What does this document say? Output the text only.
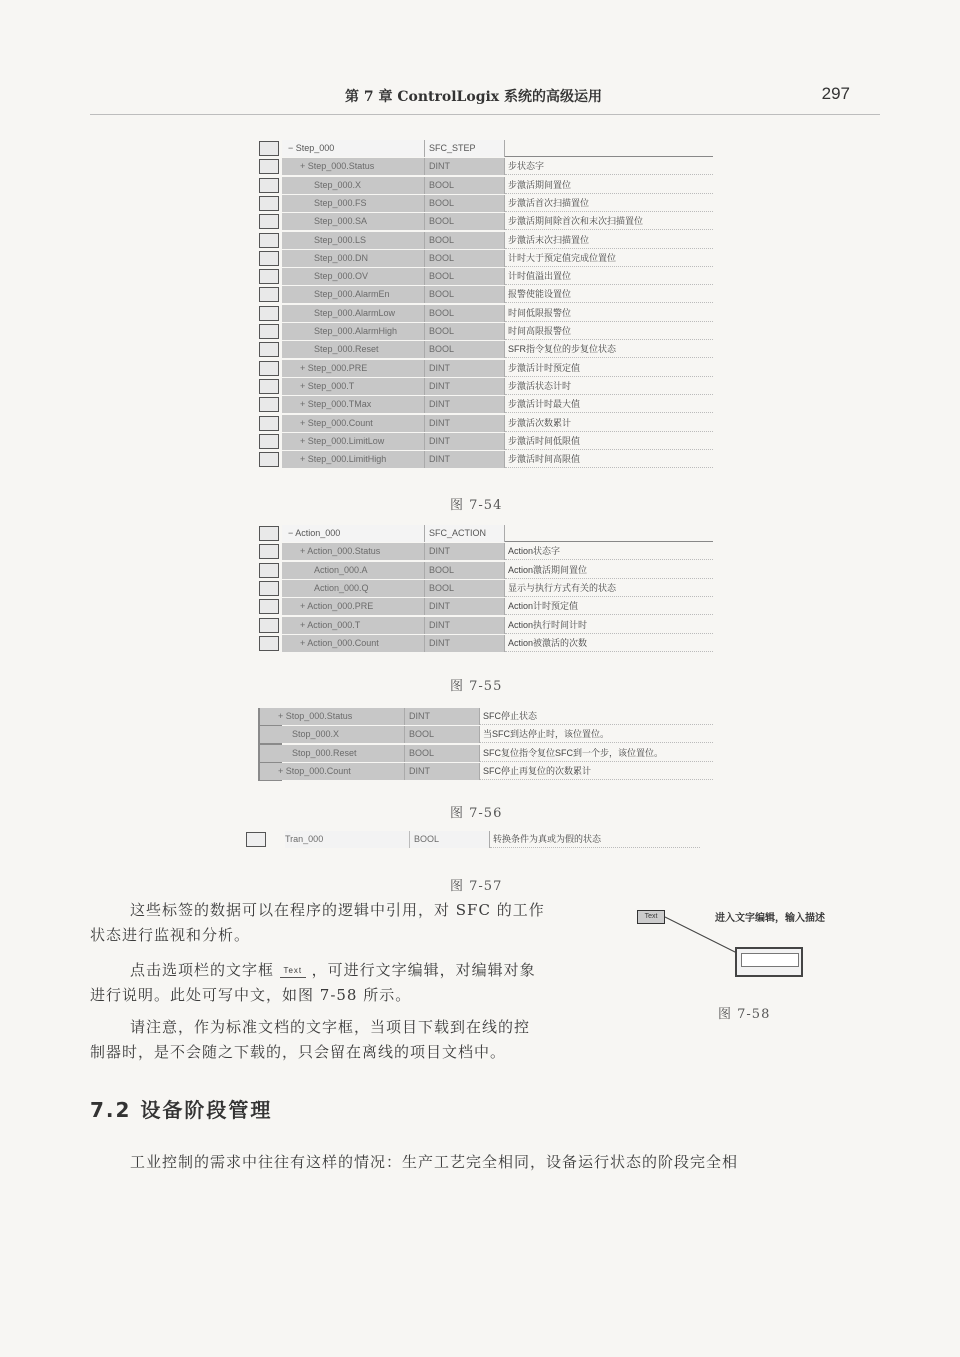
第 7 章 ControlLogix 系统的高级运用	297
− Step_000	SFC_STEP
+ Step_000.Status	DINT	步状态字
Step_000.X	BOOL	步激活期间置位
Step_000.FS	BOOL	步激活首次扫描置位
Step_000.SA	BOOL	步激活期间除首次和末次扫描置位
Step_000.LS	BOOL	步激活末次扫描置位
Step_000.DN	BOOL	计时大于预定值完成位置位
Step_000.OV	BOOL	计时值溢出置位
Step_000.AlarmEn	BOOL	报警使能设置位
Step_000.AlarmLow	BOOL	时间低限报警位
Step_000.AlarmHigh	BOOL	时间高限报警位
Step_000.Reset	BOOL	SFR指令复位的步复位状态
+ Step_000.PRE	DINT	步激活计时预定值
+ Step_000.T	DINT	步激活状态计时
+ Step_000.TMax	DINT	步激活计时最大值
+ Step_000.Count	DINT	步激活次数累计
+ Step_000.LimitLow	DINT	步激活时间低限值
+ Step_000.LimitHigh	DINT	步激活时间高限值
图 7-54
− Action_000	SFC_ACTION
+ Action_000.Status	DINT	Action状态字
Action_000.A	BOOL	Action激活期间置位
Action_000.Q	BOOL	显示与执行方式有关的状态
+ Action_000.PRE	DINT	Action计时预定值
+ Action_000.T	DINT	Action执行时间计时
+ Action_000.Count	DINT	Action被激活的次数
图 7-55
+ Stop_000.Status	DINT	SFC停止状态
Stop_000.X	BOOL	当SFC到达停止时，该位置位。
Stop_000.Reset	BOOL	SFC复位指令复位SFC到一个步，该位置位。
+ Stop_000.Count	DINT	SFC停止再复位的次数累计
图 7-56
Tran_000	BOOL	转换条件为真或为假的状态
图 7-57
这些标签的数据可以在程序的逻辑中引用，对 SFC 的工作
状态进行监视和分析。
点击选项栏的文字框 Text ，可进行文字编辑，对编辑对象
进行说明。此处可写中文，如图 7-58 所示。
请注意，作为标准文档的文字框，当项目下载到在线的控
制器时，是不会随之下载的，只会留在离线的项目文档中。
Text	进入文字编辑，输入描述
图 7-58
7.2 设备阶段管理
工业控制的需求中往往有这样的情况：生产工艺完全相同，设备运行状态的阶段完全相
